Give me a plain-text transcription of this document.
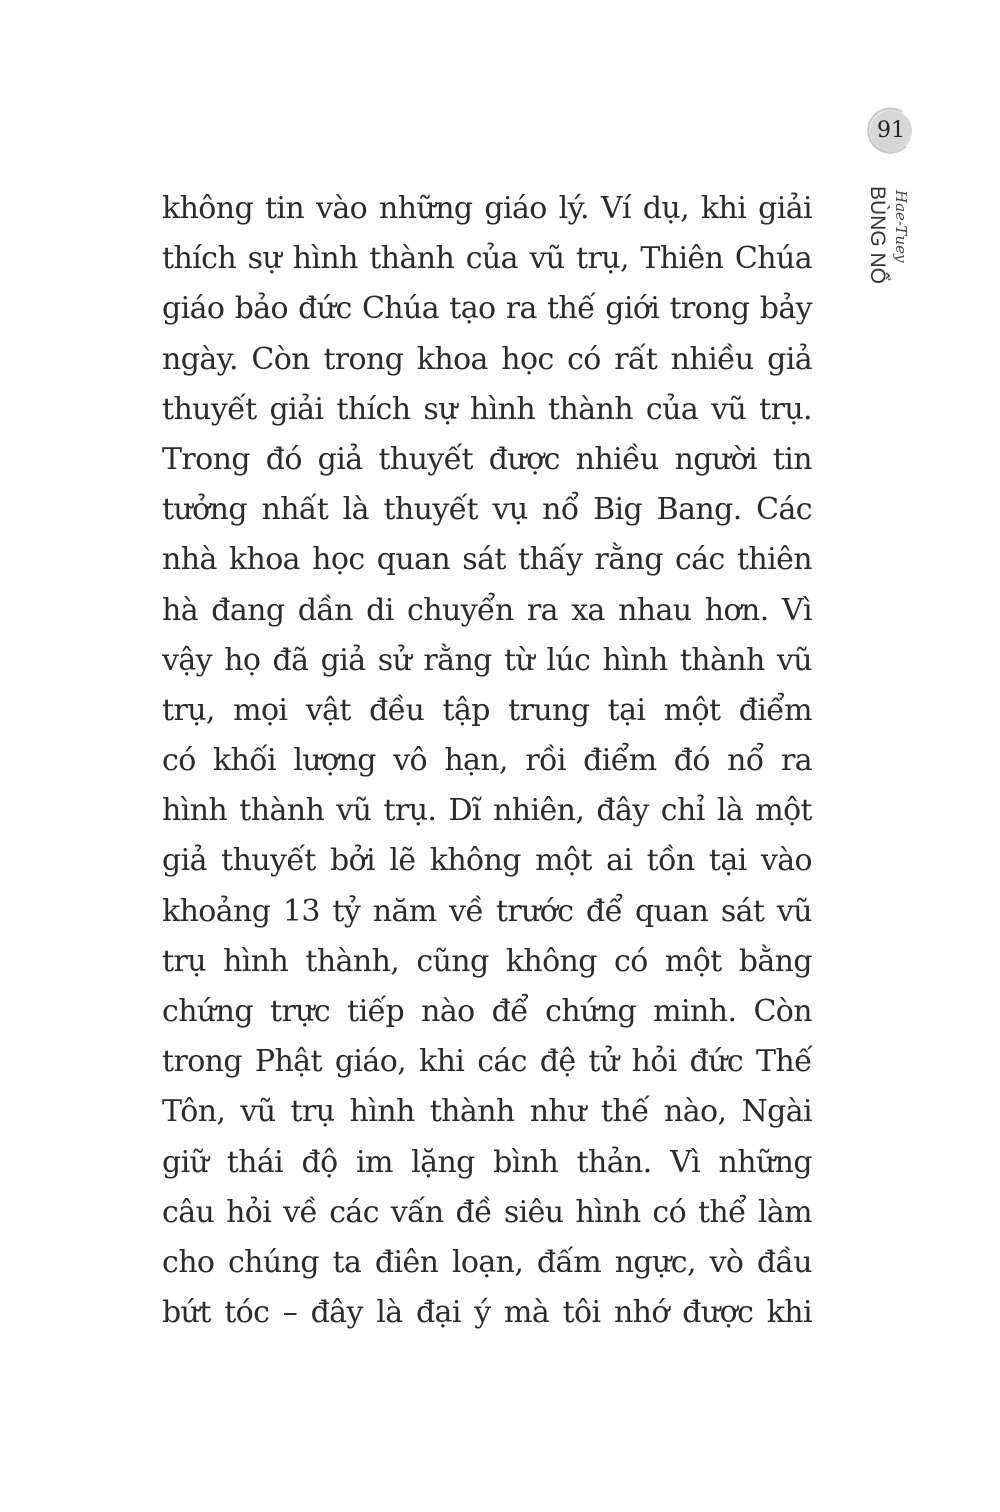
91
BÙNG NỔ Hae-Tuey
không tin vào những giáo lý. Ví dụ, khi giải
thích sự hình thành của vũ trụ, Thiên Chúa
giáo bảo đức Chúa tạo ra thế giới trong bảy
ngày. Còn trong khoa học có rất nhiều giả
thuyết giải thích sự hình thành của vũ trụ.
Trong đó giả thuyết được nhiều người tin
tưởng nhất là thuyết vụ nổ Big Bang. Các
nhà khoa học quan sát thấy rằng các thiên
hà đang dần di chuyển ra xa nhau hơn. Vì
vậy họ đã giả sử rằng từ lúc hình thành vũ
trụ, mọi vật đều tập trung tại một điểm
có khối lượng vô hạn, rồi điểm đó nổ ra
hình thành vũ trụ. Dĩ nhiên, đây chỉ là một
giả thuyết bởi lẽ không một ai tồn tại vào
khoảng 13 tỷ năm về trước để quan sát vũ
trụ hình thành, cũng không có một bằng
chứng trực tiếp nào để chứng minh. Còn
trong Phật giáo, khi các đệ tử hỏi đức Thế
Tôn, vũ trụ hình thành như thế nào, Ngài
giữ thái độ im lặng bình thản. Vì những
câu hỏi về các vấn đề siêu hình có thể làm
cho chúng ta điên loạn, đấm ngực, vò đầu
bứt tóc – đây là đại ý mà tôi nhớ được khi
